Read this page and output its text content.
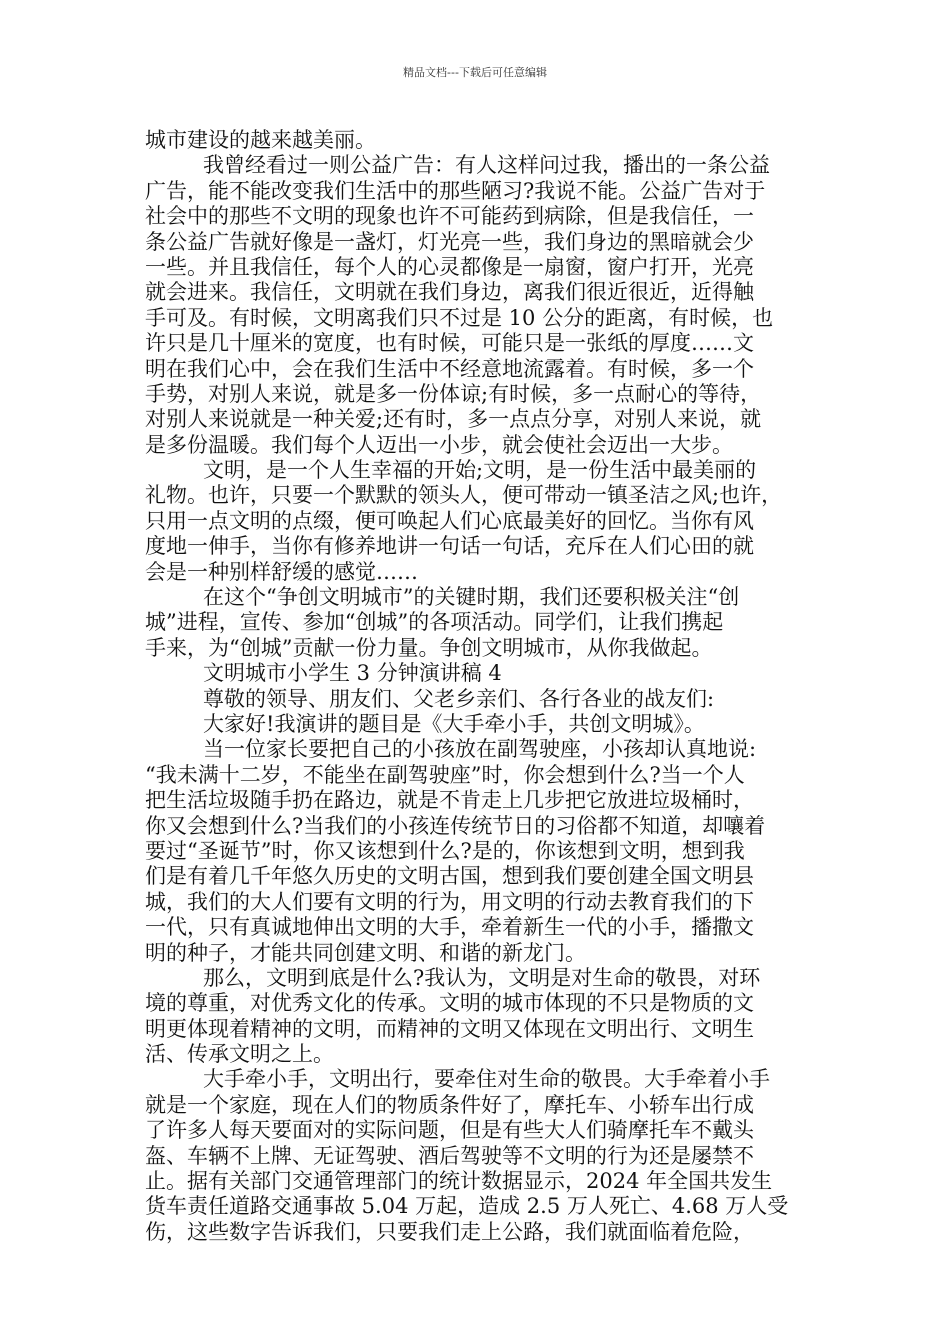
精品文档---下载后可任意编辑
城市建设的越来越美丽。
我曾经看过一则公益广告：有人这样问过我，播出的一条公益
广告，能不能改变我们生活中的那些陋习?我说不能。公益广告对于
社会中的那些不文明的现象也许不可能药到病除，但是我信任，一
条公益广告就好像是一盏灯，灯光亮一些，我们身边的黑暗就会少
一些。并且我信任，每个人的心灵都像是一扇窗，窗户打开，光亮
就会进来。我信任，文明就在我们身边，离我们很近很近，近得触
手可及。有时候，文明离我们只不过是 10 公分的距离，有时候，也
许只是几十厘米的宽度，也有时候，可能只是一张纸的厚度……文
明在我们心中，会在我们生活中不经意地流露着。有时候，多一个
手势，对别人来说，就是多一份体谅;有时候，多一点耐心的等待，
对别人来说就是一种关爱;还有时，多一点点分享，对别人来说，就
是多份温暖。我们每个人迈出一小步，就会使社会迈出一大步。
文明，是一个人生幸福的开始;文明，是一份生活中最美丽的
礼物。也许，只要一个默默的领头人，便可带动一镇圣洁之风;也许，
只用一点文明的点缀，便可唤起人们心底最美好的回忆。当你有风
度地一伸手，当你有修养地讲一句话一句话，充斥在人们心田的就
会是一种别样舒缓的感觉……
在这个“争创文明城市”的关键时期，我们还要积极关注“创
城”进程，宣传、参加“创城”的各项活动。同学们，让我们携起
手来，为“创城”贡献一份力量。争创文明城市，从你我做起。
文明城市小学生 3 分钟演讲稿 4
尊敬的领导、朋友们、父老乡亲们、各行各业的战友们:
大家好!我演讲的题目是《大手牵小手，共创文明城》。
当一位家长要把自己的小孩放在副驾驶座，小孩却认真地说:
“我未满十二岁，不能坐在副驾驶座”时，你会想到什么?当一个人
把生活垃圾随手扔在路边，就是不肯走上几步把它放进垃圾桶时，
你又会想到什么?当我们的小孩连传统节日的习俗都不知道，却嚷着
要过“圣诞节”时，你又该想到什么?是的，你该想到文明，想到我
们是有着几千年悠久历史的文明古国，想到我们要创建全国文明县
城，我们的大人们要有文明的行为，用文明的行动去教育我们的下
一代，只有真诚地伸出文明的大手，牵着新生一代的小手，播撒文
明的种子，才能共同创建文明、和谐的新龙门。
那么，文明到底是什么?我认为，文明是对生命的敬畏，对环
境的尊重，对优秀文化的传承。文明的城市体现的不只是物质的文
明更体现着精神的文明，而精神的文明又体现在文明出行、文明生
活、传承文明之上。
大手牵小手，文明出行，要牵住对生命的敬畏。大手牵着小手
就是一个家庭，现在人们的物质条件好了，摩托车、小轿车出行成
了许多人每天要面对的实际问题，但是有些大人们骑摩托车不戴头
盔、车辆不上牌、无证驾驶、酒后驾驶等不文明的行为还是屡禁不
止。据有关部门交通管理部门的统计数据显示，2024 年全国共发生
货车责任道路交通事故 5.04 万起，造成 2.5 万人死亡、4.68 万人受
伤，这些数字告诉我们，只要我们走上公路，我们就面临着危险，
